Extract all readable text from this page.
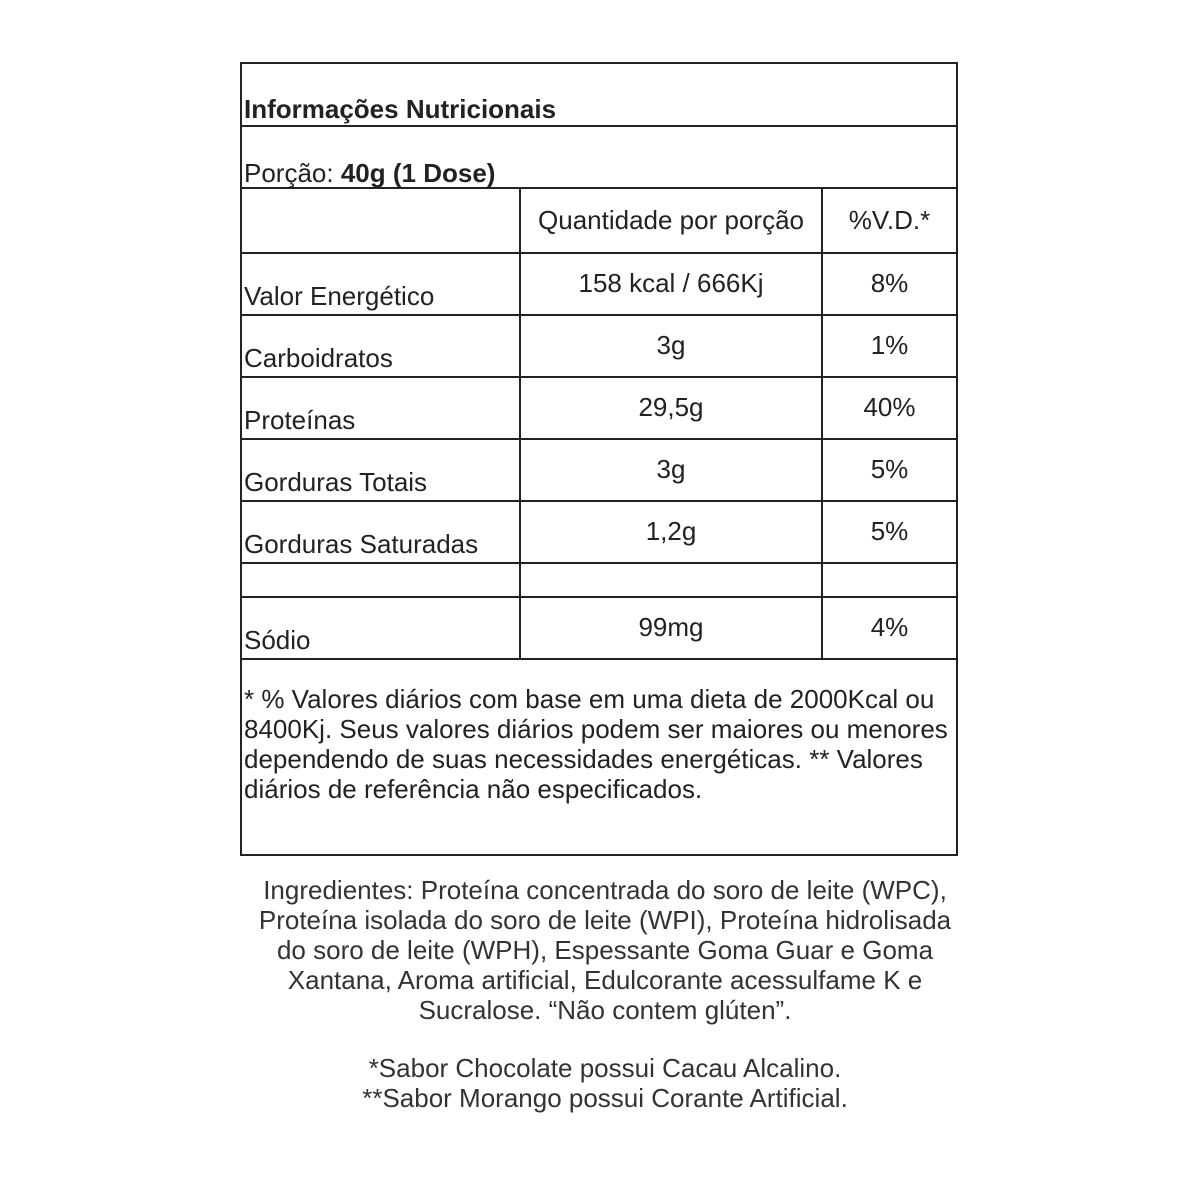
Informações Nutricionais
Porção: 40g (1 Dose)
	Quantidade por porção	%V.D.*
Valor Energético	158 kcal / 666Kj	8%
Carboidratos	3g	1%
Proteínas	29,5g	40%
Gorduras Totais	3g	5%
Gorduras Saturadas	1,2g	5%

Sódio	99mg	4%
* % Valores diários com base em uma dieta de 2000Kcal ou 8400Kj. Seus valores diários podem ser maiores ou menores dependendo de suas necessidades energéticas. ** Valores diários de referência não especificados.
Ingredientes: Proteína concentrada do soro de leite (WPC), Proteína isolada do soro de leite (WPI), Proteína hidrolisada do soro de leite (WPH), Espessante Goma Guar e Goma Xantana, Aroma artificial, Edulcorante acessulfame K e Sucralose. “Não contem glúten”.
*Sabor Chocolate possui Cacau Alcalino.
**Sabor Morango possui Corante Artificial.
